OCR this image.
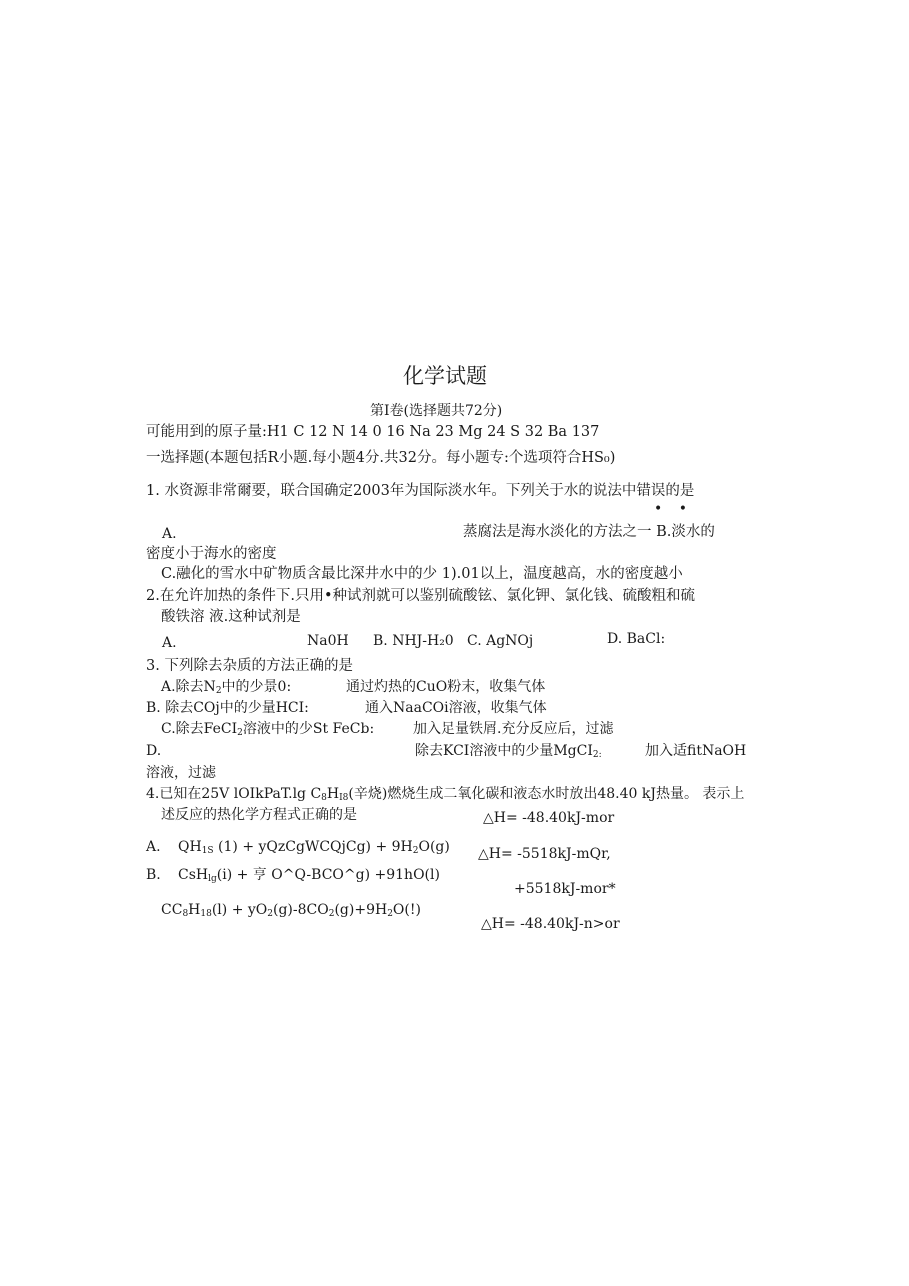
化学试题
第I卷(选择题共72分)
可能用到的原子量:H1 C 12 N 14 0 16 Na 23 Mg 24 S 32 Ba 137
一选择题(本题包括R小题.每小题4分.共32分。每小题专:个选项符合HS₀)
1. 水资源非常爾要，联合国确定2003年为国际淡水年。下列关于水的说法中错误的是
• •
A.	蒸腐法是海水淡化的方法之一 B.淡水的
密度小于海水的密度
C.融化的雪水中矿物质含最比深井水中的少 1).01以上，温度越高，水的密度越小
2.在允许加热的条件下.只用•种试剂就可以鉴别硫酸铉、氯化钾、氯化钱、硫酸粗和硫
酸铁溶 液.这种试剂是
A.	Na0H B. NHJ-H₂0 C. AgNOj	D. BaCl:
3. 下列除去杂质的方法正确的是
A.除去$N_2$中的少景0:	通过灼热的CuO粉末，收集气体
B. 除去COj中的少量HCI:	通入NaaCOi溶液，收集气体
C.除去FeCI$_2$溶液中的少St FeCb:	加入足量铁屑.充分反应后，过滤
D.	除去KCI溶液中的少量MgCI$_{2:}$	加入适fitNaOH
溶液，过滤
4.已知在25V lOIkPaT.lg $C_8H_{I8}$(辛烧)燃烧生成二氧化碳和液态水时放出48.40 kJ热量。 表示上
述反应的热化学方程式正确的是	△H= -48.40kJ-mor
A. $QH_{1S}$ (1) + yQzCgWCQjCg) + $9H_2O(g)$ △H= -5518kJ-mQr,
B. CsH$_{lg}$(i) + 亨 O^Q-BCO^g) +91hO(l)
+5518kJ-mor*
$CC_8H_{18}(l) + yO_2(g)-8CO_2(g)+9H_2O(!)$
△H= -48.40kJ-n>or
